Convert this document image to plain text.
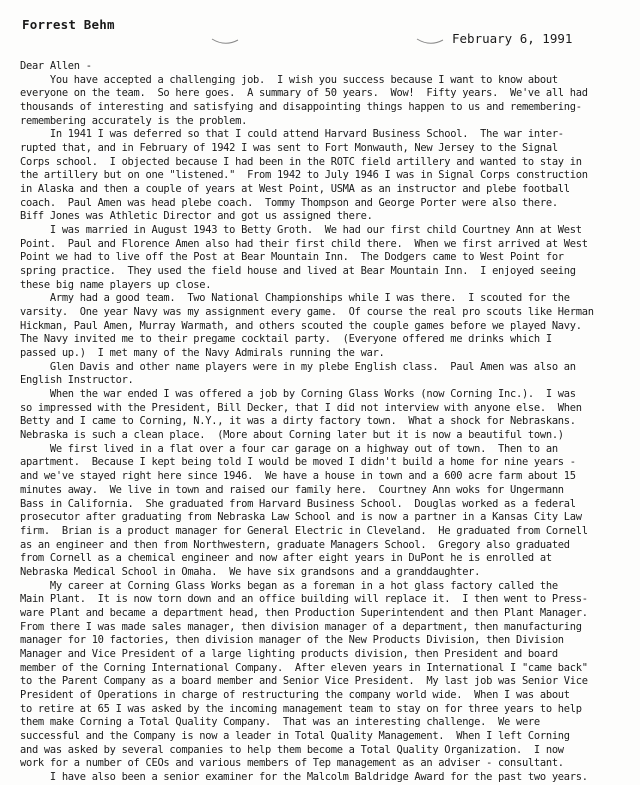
Forrest Behm
February 6, 1991
Dear Allen -
You have accepted a challenging job.  I wish you success because I want to know about
everyone on the team.  So here goes.  A summary of 50 years.  Wow!  Fifty years.  We've all had
thousands of interesting and satisfying and disappointing things happen to us and remembering-
remembering accurately is the problem.
In 1941 I was deferred so that I could attend Harvard Business School.  The war inter-
rupted that, and in February of 1942 I was sent to Fort Monwauth, New Jersey to the Signal
Corps school.  I objected because I had been in the ROTC field artillery and wanted to stay in
the artillery but on one "listened."  From 1942 to July 1946 I was in Signal Corps construction
in Alaska and then a couple of years at West Point, USMA as an instructor and plebe football
coach.  Paul Amen was head plebe coach.  Tommy Thompson and George Porter were also there.
Biff Jones was Athletic Director and got us assigned there.
I was married in August 1943 to Betty Groth.  We had our first child Courtney Ann at West
Point.  Paul and Florence Amen also had their first child there.  When we first arrived at West
Point we had to live off the Post at Bear Mountain Inn.  The Dodgers came to West Point for
spring practice.  They used the field house and lived at Bear Mountain Inn.  I enjoyed seeing
these big name players up close.
Army had a good team.  Two National Championships while I was there.  I scouted for the
varsity.  One year Navy was my assignment every game.  Of course the real pro scouts like Herman
Hickman, Paul Amen, Murray Warmath, and others scouted the couple games before we played Navy.
The Navy invited me to their pregame cocktail party.  (Everyone offered me drinks which I
passed up.)  I met many of the Navy Admirals running the war.
Glen Davis and other name players were in my plebe English class.  Paul Amen was also an
English Instructor.
When the war ended I was offered a job by Corning Glass Works (now Corning Inc.).  I was
so impressed with the President, Bill Decker, that I did not interview with anyone else.  When
Betty and I came to Corning, N.Y., it was a dirty factory town.  What a shock for Nebraskans.
Nebraska is such a clean place.  (More about Corning later but it is now a beautiful town.)
We first lived in a flat over a four car garage on a highway out of town.  Then to an
apartment.  Because I kept being told I would be moved I didn't build a home for nine years -
and we've stayed right here since 1946.  We have a house in town and a 600 acre farm about 15
minutes away.  We live in town and raised our family here.  Courtney Ann woks for Ungermann
Bass in California.  She graduated from Harvard Business School.  Douglas worked as a federal
prosecutor after graduating from Nebraska Law School and is now a partner in a Kansas City Law
firm.  Brian is a product manager for General Electric in Cleveland.  He graduated from Cornell
as an engineer and then from Northwestern, graduate Managers School.  Gregory also graduated
from Cornell as a chemical engineer and now after eight years in DuPont he is enrolled at
Nebraska Medical School in Omaha.  We have six grandsons and a granddaughter.
My career at Corning Glass Works began as a foreman in a hot glass factory called the
Main Plant.  It is now torn down and an office building will replace it.  I then went to Press-
ware Plant and became a department head, then Production Superintendent and then Plant Manager.
From there I was made sales manager, then division manager of a department, then manufacturing
manager for 10 factories, then division manager of the New Products Division, then Division
Manager and Vice President of a large lighting products division, then President and board
member of the Corning International Company.  After eleven years in International I "came back"
to the Parent Company as a board member and Senior Vice President.  My last job was Senior Vice
President of Operations in charge of restructuring the company world wide.  When I was about
to retire at 65 I was asked by the incoming management team to stay on for three years to help
them make Corning a Total Quality Company.  That was an interesting challenge.  We were
successful and the Company is now a leader in Total Quality Management.  When I left Corning
and was asked by several companies to help them become a Total Quality Organization.  I now
work for a number of CEOs and various members of Tep management as an adviser - consultant.
I have also been a senior examiner for the Malcolm Baldridge Award for the past two years.
